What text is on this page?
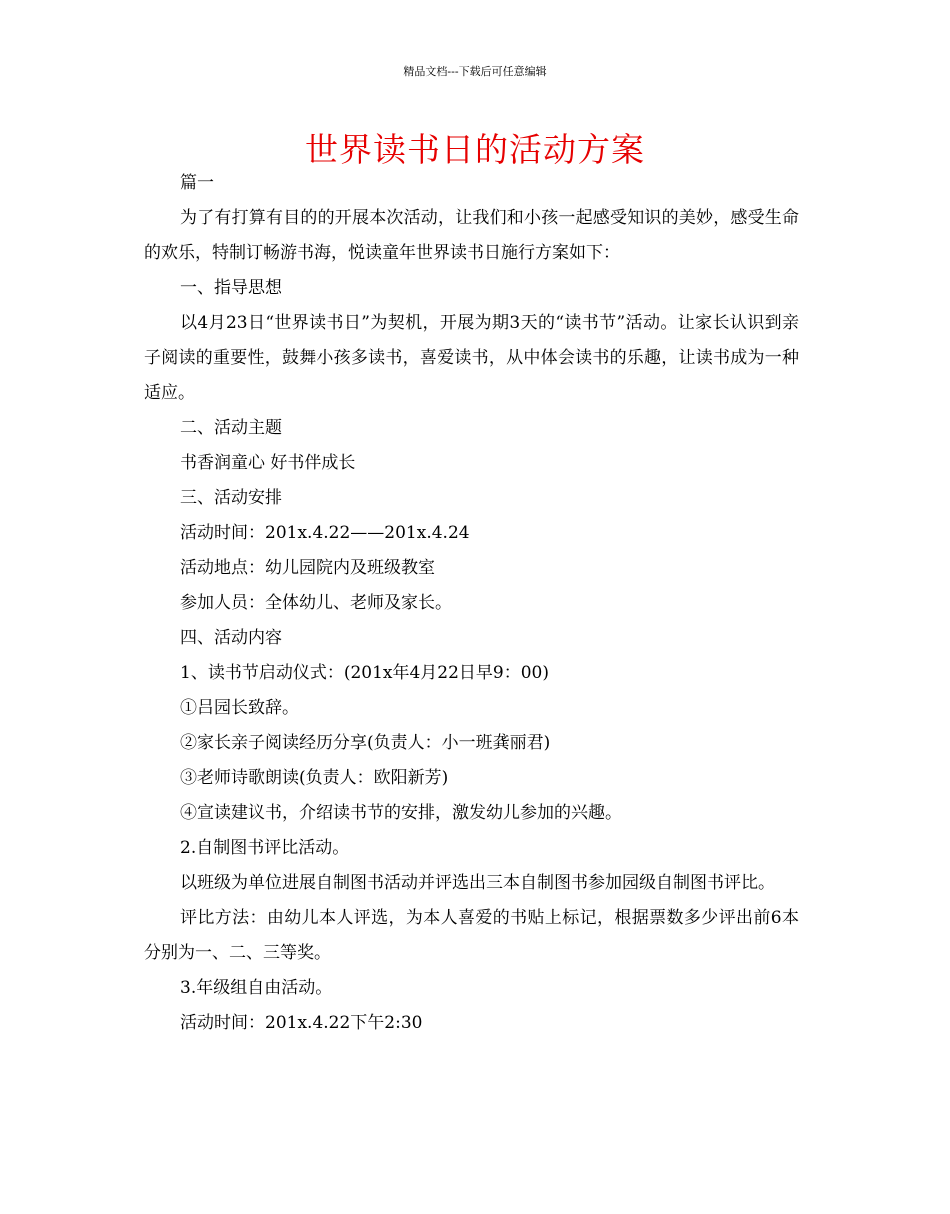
精品文档---下载后可任意编辑
世界读书日的活动方案

篇一

为了有打算有目的的开展本次活动，让我们和小孩一起感受知识的美妙，感受生命的欢乐，特制订畅游书海，悦读童年世界读书日施行方案如下：

一、指导思想

以4月23日“世界读书日”为契机，开展为期3天的“读书节”活动。让家长认识到亲子阅读的重要性，鼓舞小孩多读书，喜爱读书，从中体会读书的乐趣，让读书成为一种适应。

二、活动主题

书香润童心 好书伴成长

三、活动安排

活动时间：201x.4.22——201x.4.24

活动地点：幼儿园院内及班级教室

参加人员：全体幼儿、老师及家长。

四、活动内容

1、读书节启动仪式：(201x年4月22日早9：00)

①吕园长致辞。

②家长亲子阅读经历分享(负责人：小一班龚丽君)

③老师诗歌朗读(负责人：欧阳新芳)

④宣读建议书，介绍读书节的安排，激发幼儿参加的兴趣。

2.自制图书评比活动。

以班级为单位进展自制图书活动并评选出三本自制图书参加园级自制图书评比。

评比方法：由幼儿本人评选，为本人喜爱的书贴上标记，根据票数多少评出前6本分别为一、二、三等奖。

3.年级组自由活动。

活动时间：201x.4.22下午2:30
